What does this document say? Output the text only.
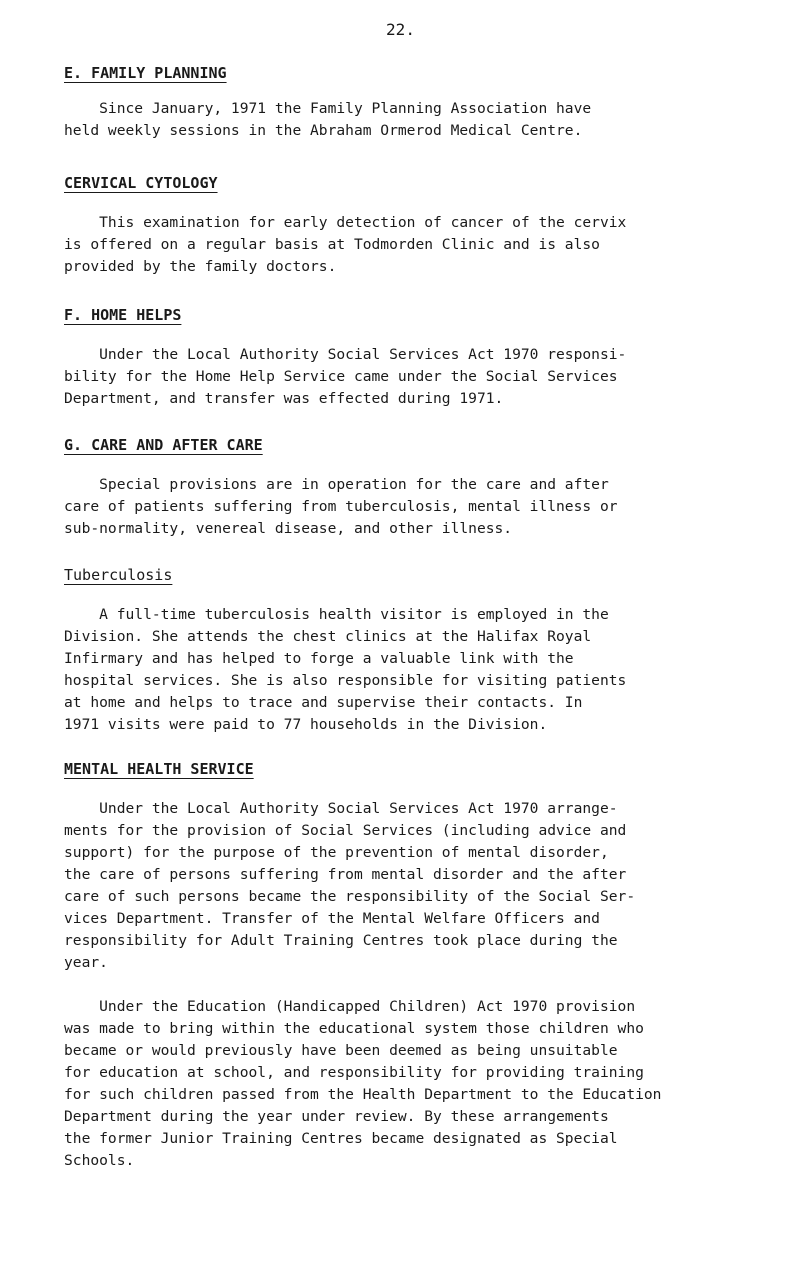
22.
E. FAMILY PLANNING
Since January, 1971 the Family Planning Association have
held weekly sessions in the Abraham Ormerod Medical Centre.
CERVICAL CYTOLOGY
This examination for early detection of cancer of the cervix
is offered on a regular basis at Todmorden Clinic and is also
provided by the family doctors.
F. HOME HELPS
Under the Local Authority Social Services Act 1970 responsi-
bility for the Home Help Service came under the Social Services
Department, and transfer was effected during 1971.
G. CARE AND AFTER CARE
Special provisions are in operation for the care and after
care of patients suffering from tuberculosis, mental illness or
sub-normality, venereal disease, and other illness.
Tuberculosis
A full-time tuberculosis health visitor is employed in the
Division. She attends the chest clinics at the Halifax Royal
Infirmary and has helped to forge a valuable link with the
hospital services. She is also responsible for visiting patients
at home and helps to trace and supervise their contacts. In
1971 visits were paid to 77 households in the Division.
MENTAL HEALTH SERVICE
Under the Local Authority Social Services Act 1970 arrange-
ments for the provision of Social Services (including advice and
support) for the purpose of the prevention of mental disorder,
the care of persons suffering from mental disorder and the after
care of such persons became the responsibility of the Social Ser-
vices Department. Transfer of the Mental Welfare Officers and
responsibility for Adult Training Centres took place during the
year.
Under the Education (Handicapped Children) Act 1970 provision
was made to bring within the educational system those children who
became or would previously have been deemed as being unsuitable
for education at school, and responsibility for providing training
for such children passed from the Health Department to the Education
Department during the year under review. By these arrangements
the former Junior Training Centres became designated as Special
Schools.
